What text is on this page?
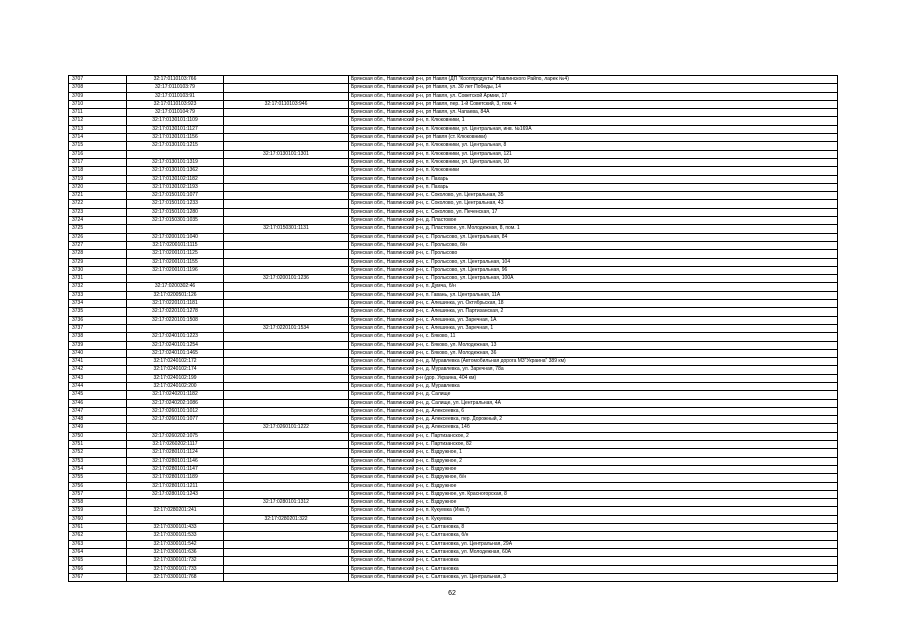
3707	32:17:0110103:766		Брянская обл., Навлинский р-н, рп Навля (ДП "Кооппродукты" Навлинского Райпо, ларек №4)
3708	32:17:0110103:79		Брянская обл., Навлинский р-н, рп Навля, ул. 30 лет Победы, 14
3709	32:17:0110103:91		Брянская обл., Навлинский р-н, рп Навля, ул. Советской Армии, 17
3710	32:17:0110103:923	32:17:0110103:946	Брянская обл., Навлинский р-н, рп Навля, пер. 1-й Советский, 3, пом. 4
3711	32:17:0110104:79		Брянская обл., Навлинский р-н, рп Навля, ул. Чапаева, 84А
3712	32:17:0130101:1109		Брянская обл., Навлинский р-н, п. Клюковники, 1
3713	32:17:0130101:1127		Брянская обл., Навлинский р-н, п. Клюковники, ул. Центральная, инв. №169А
3714	32:17:0130101:1156		Брянская обл., Навлинский р-н, рп Навля (ст. Клюковники)
3715	32:17:0130101:1215		Брянская обл., Навлинский р-н, п. Клюковники, ул. Центральная, 8
3716		32:17:0130101:1301	Брянская обл., Навлинский р-н, п. Клюковники, ул. Центральная, 121
3717	32:17:0130101:1319		Брянская обл., Навлинский р-н, п. Клюковники, ул. Центральная, 10
3718	32:17:0130101:1362		Брянская обл., Навлинский р-н, п. Клюковники
3719	32:17:0130102:1182		Брянская обл., Навлинский р-н, п. Пахарь
3720	32:17:0130102:1193		Брянская обл., Навлинский р-н, п. Пахарь
3721	32:17:0150101:1077		Брянская обл., Навлинский р-н, с. Соколово, ул. Центральная, 35
3722	32:17:0150101:1233		Брянская обл., Навлинский р-н, с. Соколово, ул. Центральная, 43
3723	32:17:0150101:1280		Брянская обл., Навлинский р-н, с. Соколово, ул. Печенская, 17
3724	32:17:0150301:1035		Брянская обл., Навлинский р-н, д. Пластовое
3725		32:17:0150301:1131	Брянская обл., Навлинский р-н, д. Пластовое, ул. Молодежная, 8, пом. 1
3726	32:17:0200101:1040		Брянская обл., Навлинский р-н, с. Пролысово, ул. Центральная, 84
3727	32:17:0200101:1115		Брянская обл., Навлинский р-н, с. Пролысово, б/н
3728	32:17:0200101:1125		Брянская обл., Навлинский р-н, с. Пролысово
3729	32:17:0200101:1155		Брянская обл., Навлинский р-н, с. Пролысово, ул. Центральная, 104
3730	32:17:0200101:1196		Брянская обл., Навлинский р-н, с. Пролысово, ул. Центральная, 96
3731		32:17:0200101:1236	Брянская обл., Навлинский р-н, с. Пролысово, ул. Центральная, 100А
3732	32:17:0200302:46		Брянская обл., Навлинский р-н, п. Думча, б/н
3733	32:17:0200501:126		Брянская обл., Навлинский р-н, п. Гавань, ул. Центральная, 11А
3734	32:17:0220101:1181		Брянская обл., Навлинский р-н, с. Алешинка, ул. Октябрьская, 18
3735	32:17:0220101:1278		Брянская обл., Навлинский р-н, с. Алешинка, ул. Партизанская, 2
3736	32:17:0220101:1508		Брянская обл., Навлинский р-н, с. Алешинка, ул. Заречная, 1А
3737		32:17:0220101:1534	Брянская обл., Навлинский р-н, с. Алешинка, ул. Заречная, 1
3738	32:17:0240101:1223		Брянская обл., Навлинский р-н, с. Бяково, 11
3739	32:17:0240101:1254		Брянская обл., Навлинский р-н, с. Бяково, ул. Молодежная, 13
3740	32:17:0240101:1465		Брянская обл., Навлинский р-н, с. Бяково, ул. Молодежная, 36
3741	32:17:0240102:172		Брянская обл., Навлинский р-н, д. Муравлевка (Автомобильная дорога М3"Украина" 389 км)
3742	32:17:0240102:174		Брянская обл., Навлинский р-н, д. Муравлевка, ул. Заречная, 78а
3743	32:17:0240102:199		Брянская обл., Навлинский р-н (дор. Украина, 404 км)
3744	32:17:0240102:200		Брянская обл., Навлинский р-н, д. Муравлевка
3745	32:17:0240201:1182		Брянская обл., Навлинский р-н, д. Салище
3746	32:17:0240202:1086		Брянская обл., Навлинский р-н, д. Салище, ул. Центральная, 4А
3747	32:17:0260101:1012		Брянская обл., Навлинский р-н, д. Алексеевка, 6
3748	32:17:0260101:1077		Брянская обл., Навлинский р-н, д. Алексеевка, пер. Дорожный, 2
3749		32:17:0260101:1222	Брянская обл., Навлинский р-н, д. Алексеевка, 14б
3750	32:17:0260202:1075		Брянская обл., Навлинский р-н, с. Партизанское, 2
3751	32:17:0260202:1117		Брянская обл., Навлинский р-н, с. Партизанское, 82
3752	32:17:0280101:1124		Брянская обл., Навлинский р-н, с. Вздружное, 1
3753	32:17:0280101:1146		Брянская обл., Навлинский р-н, с. Вздружное, 2
3754	32:17:0280101:1147		Брянская обл., Навлинский р-н, с. Вздружное
3755	32:17:0280101:1189		Брянская обл., Навлинский р-н, с. Вздружное, б/н
3756	32:17:0280101:1211		Брянская обл., Навлинский р-н, с. Вздружное
3757	32:17:0280101:1243		Брянская обл., Навлинский р-н, с. Вздружное, ул. Красногорская, 8
3758		32:17:0280101:1312	Брянская обл., Навлинский р-н, с. Вздружное
3759	32:17:0280201:241		Брянская обл., Навлинский р-н, п. Кукуевка (Инв.7)
3760		32:17:0280201:322	Брянская обл., Навлинский р-н, п. Кукуевка
3761	32:17:0300101:433		Брянская обл., Навлинский р-н, с. Салтановка, 8
3762	32:17:0300101:533		Брянская обл., Навлинский р-н, с. Салтановка, б/н
3763	32:17:0300101:542		Брянская обл., Навлинский р-н, с. Салтановка, ул. Центральная, 29А
3764	32:17:0300101:636		Брянская обл., Навлинский р-н, с. Салтановка, ул. Молодежная, 60А
3765	32:17:0300101:732		Брянская обл., Навлинский р-н, с. Салтановка
3766	32:17:0300101:733		Брянская обл., Навлинский р-н, с. Салтановка
3767	32:17:0300101:768		Брянская обл., Навлинский р-н, с. Салтановка, ул. Центральная, 3
62
